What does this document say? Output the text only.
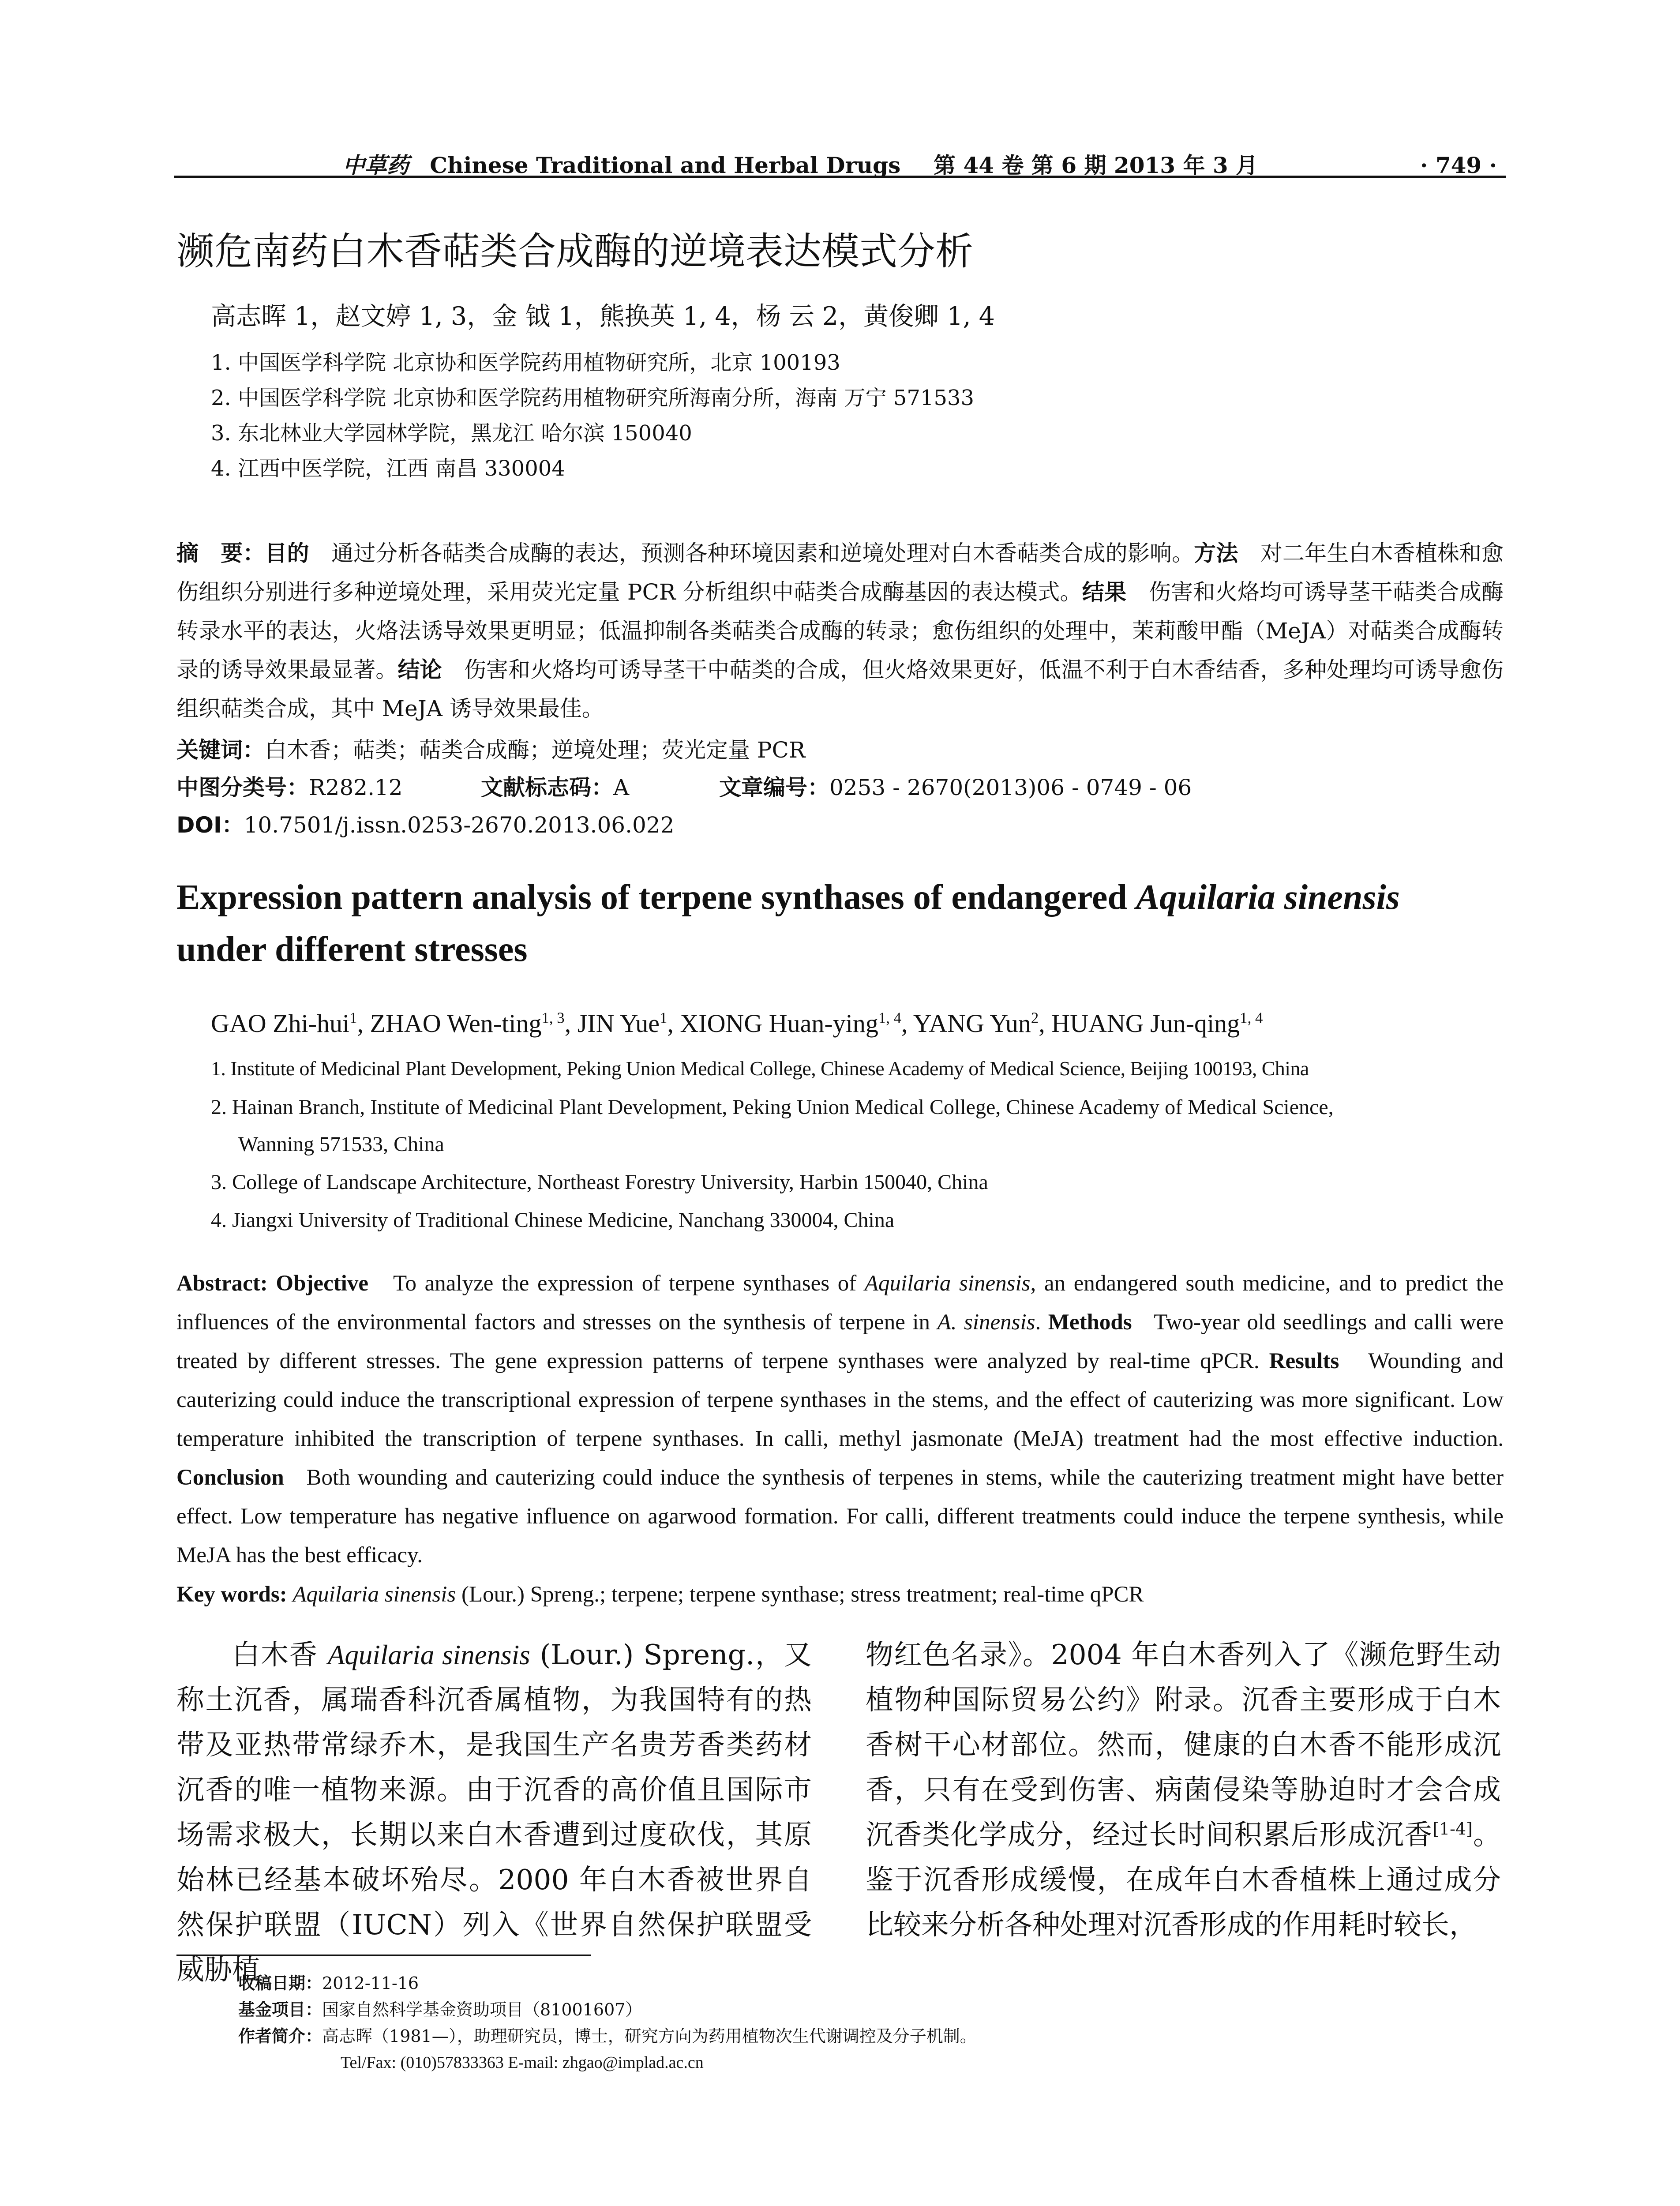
中草药 Chinese Traditional and Herbal Drugs 第 44 卷 第 6 期 2013 年 3 月	· 749 ·
濒危南药白木香萜类合成酶的逆境表达模式分析
高志晖 1，赵文婷 1, 3，金 钺 1，熊换英 1, 4，杨 云 2，黄俊卿 1, 4
1. 中国医学科学院 北京协和医学院药用植物研究所，北京 100193
2. 中国医学科学院 北京协和医学院药用植物研究所海南分所，海南 万宁 571533
3. 东北林业大学园林学院，黑龙江 哈尔滨 150040
4. 江西中医学院，江西 南昌 330004
摘　要：目的　 通过分析各萜类合成酶的表达，预测各种环境因素和逆境处理对白木香萜类合成的影响。方法　 对二年生白木香植株和愈伤组织分别进行多种逆境处理，采用荧光定量 PCR 分析组织中萜类合成酶基因的表达模式。结果　 伤害和火烙均可诱导茎干萜类合成酶转录水平的表达，火烙法诱导效果更明显；低温抑制各类萜类合成酶的转录；愈伤组织的处理中，茉莉酸甲酯（MeJA）对萜类合成酶转录的诱导效果最显著。结论　 伤害和火烙均可诱导茎干中萜类的合成，但火烙效果更好，低温不利于白木香结香，多种处理均可诱导愈伤组织萜类合成，其中 MeJA 诱导效果最佳。
关键词：白木香；萜类；萜类合成酶；逆境处理；荧光定量 PCR
中图分类号：R282.12	文献标志码：A	文章编号：0253 - 2670(2013)06 - 0749 - 06
DOI：10.7501/j.issn.0253-2670.2013.06.022
Expression pattern analysis of terpene synthases of endangered Aquilaria sinensis
under different stresses
GAO Zhi-hui$^1$, ZHAO Wen-ting$^{1, 3}$, JIN Yue$^1$, XIONG Huan-ying$^{1, 4}$, YANG Yun$^2$, HUANG Jun-qing$^{1, 4}$
1. Institute of Medicinal Plant Development, Peking Union Medical College, Chinese Academy of Medical Science, Beijing 100193, China
2. Hainan Branch, Institute of Medicinal Plant Development, Peking Union Medical College, Chinese Academy of Medical Science,
Wanning 571533, China
3. College of Landscape Architecture, Northeast Forestry University, Harbin 150040, China
4. Jiangxi University of Traditional Chinese Medicine, Nanchang 330004, China
Abstract: Objective To analyze the expression of terpene synthases of Aquilaria sinensis, an endangered south medicine, and to predict the influences of the environmental factors and stresses on the synthesis of terpene in A. sinensis. Methods Two-year old seedlings and calli were treated by different stresses. The gene expression patterns of terpene synthases were analyzed by real-time qPCR. Results Wounding and cauterizing could induce the transcriptional expression of terpene synthases in the stems, and the effect of cauterizing was more significant. Low temperature inhibited the transcription of terpene synthases. In calli, methyl jasmonate (MeJA) treatment had the most effective induction. Conclusion Both wounding and cauterizing could induce the synthesis of terpenes in stems, while the cauterizing treatment might have better effect. Low temperature has negative influence on agarwood formation. For calli, different treatments could induce the terpene synthesis, while MeJA has the best efficacy.
Key words: Aquilaria sinensis (Lour.) Spreng.; terpene; terpene synthase; stress treatment; real-time qPCR
白木香 Aquilaria sinensis (Lour.) Spreng.，又称土沉香，属瑞香科沉香属植物，为我国特有的热带及亚热带常绿乔木，是我国生产名贵芳香类药材沉香的唯一植物来源。由于沉香的高价值且国际市场需求极大，长期以来白木香遭到过度砍伐，其原始林已经基本破坏殆尽。2000 年白木香被世界自然保护联盟（IUCN）列入《世界自然保护联盟受威胁植
物红色名录》。2004 年白木香列入了《濒危野生动植物种国际贸易公约》附录。沉香主要形成于白木香树干心材部位。然而，健康的白木香不能形成沉香，只有在受到伤害、病菌侵染等胁迫时才会合成沉香类化学成分，经过长时间积累后形成沉香[1-4]。鉴于沉香形成缓慢，在成年白木香植株上通过成分比较来分析各种处理对沉香形成的作用耗时较长，
收稿日期：2012-11-16
基金项目：国家自然科学基金资助项目（81001607）
作者简介：高志晖（1981—），助理研究员，博士，研究方向为药用植物次生代谢调控及分子机制。
Tel/Fax: (010)57833363 E-mail: zhgao@implad.ac.cn
